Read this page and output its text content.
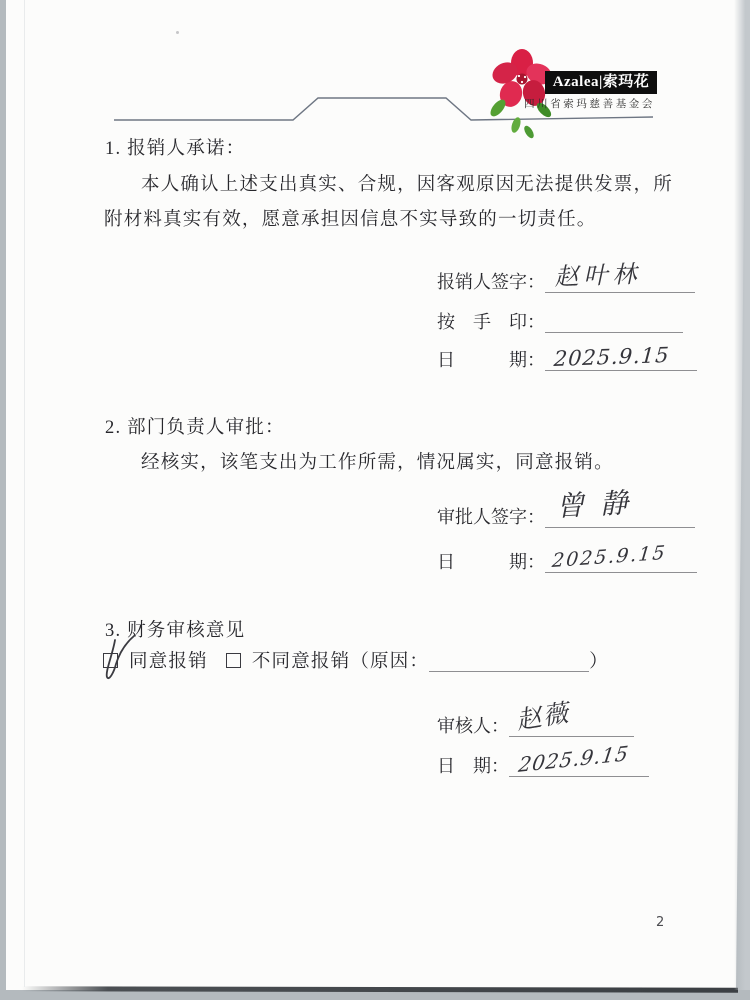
Azalea|索玛花
四川省索玛慈善基金会
1. 报销人承诺：
本人确认上述支出真实、合规，因客观原因无法提供发票，所
附材料真实有效，愿意承担因信息不实导致的一切责任。
报销人签字： 赵叶林
按　手　印：
日　　　期： 2025.9.15
2. 部门负责人审批：
经核实，该笔支出为工作所需，情况属实，同意报销。
审批人签字： 曾静
日　　　期： 2025.9.15
3. 财务审核意见
同意报销 不同意报销（原因：	）
审核人： 赵薇
日　期： 2025.9.15
2
